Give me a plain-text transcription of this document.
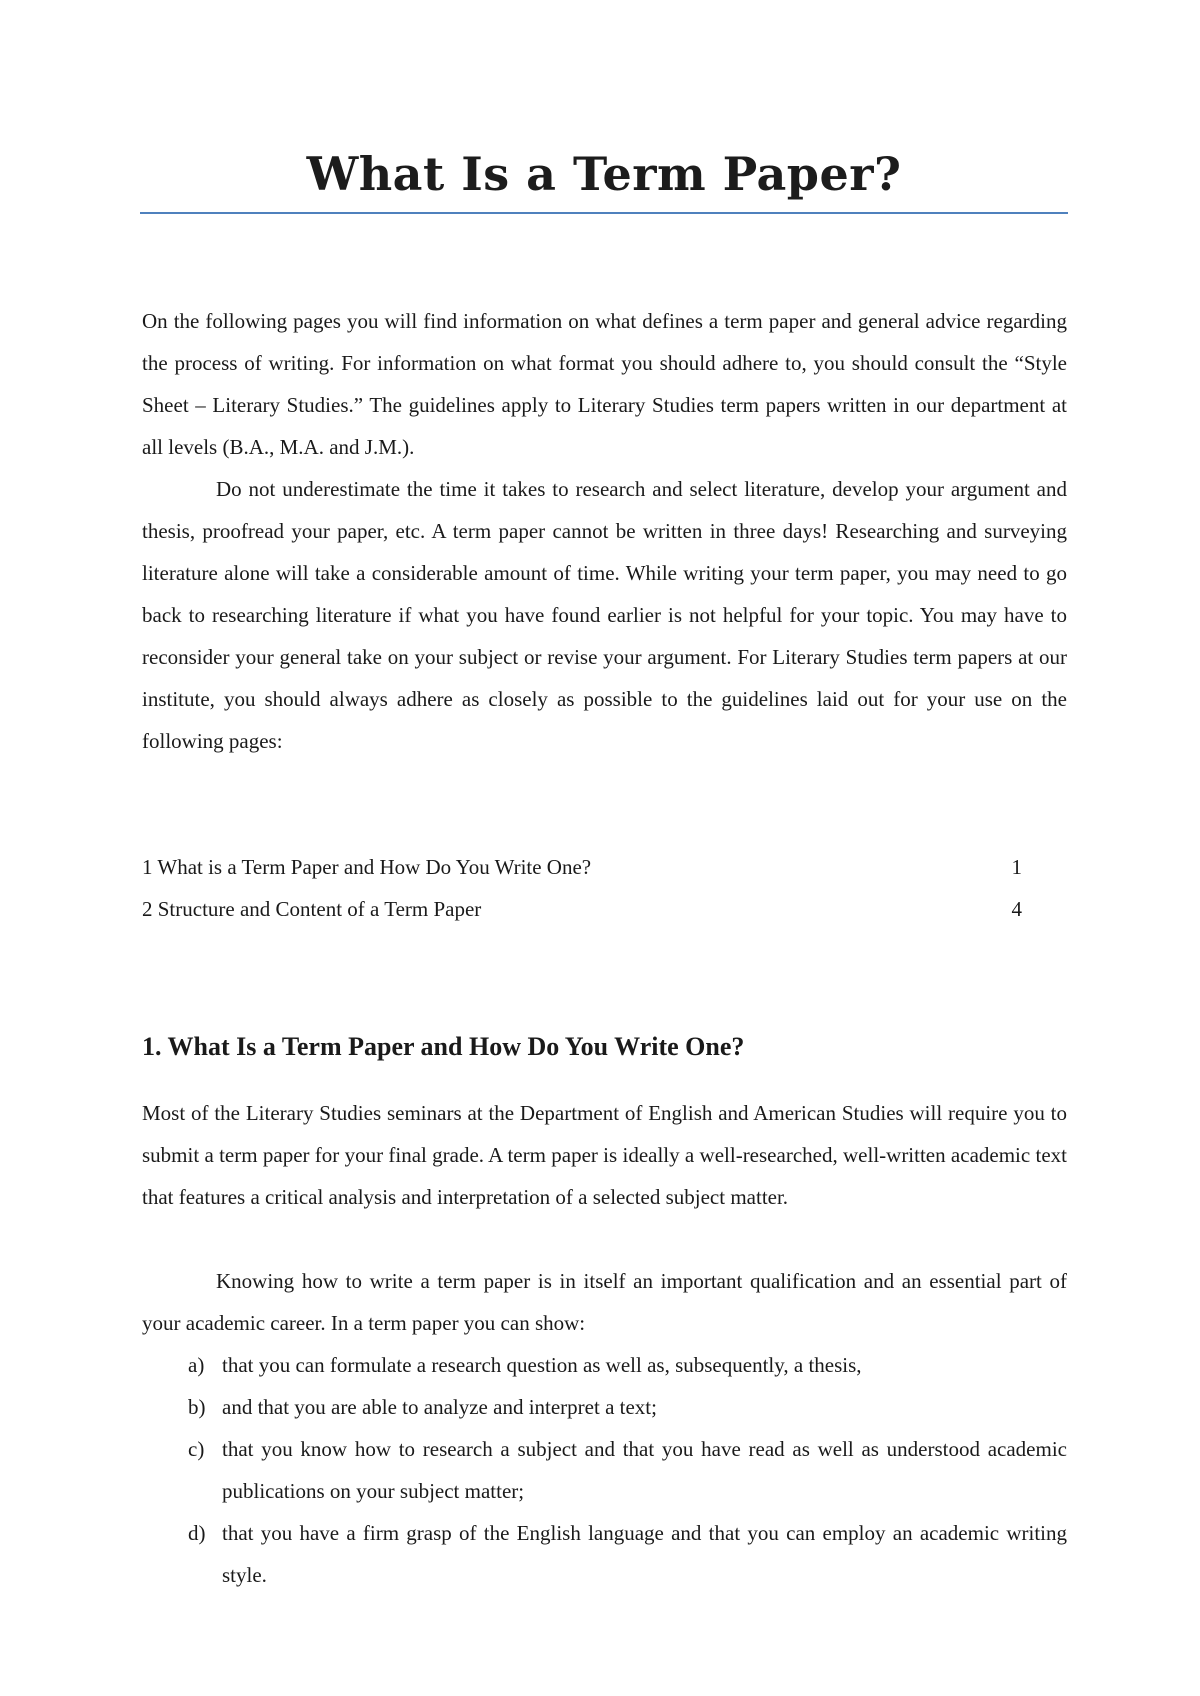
What Is a Term Paper?

On the following pages you will find information on what defines a term paper and general advice regarding the process of writing. For information on what format you should adhere to, you should consult the “Style Sheet – Literary Studies.” The guidelines apply to Literary Studies term papers written in our department at all levels (B.A., M.A. and J.M.).

Do not underestimate the time it takes to research and select literature, develop your argument and thesis, proofread your paper, etc. A term paper cannot be written in three days! Researching and surveying literature alone will take a considerable amount of time. While writing your term paper, you may need to go back to researching literature if what you have found earlier is not helpful for your topic. You may have to reconsider your general take on your subject or revise your argument. For Literary Studies term papers at our institute, you should always adhere as closely as possible to the guidelines laid out for your use on the following pages:

1 What is a Term Paper and How Do You Write One?	1
2 Structure and Content of a Term Paper	4
1. What Is a Term Paper and How Do You Write One?

Most of the Literary Studies seminars at the Department of English and American Studies will require you to submit a term paper for your final grade. A term paper is ideally a well-researched, well-written academic text that features a critical analysis and interpretation of a selected subject matter.

Knowing how to write a term paper is in itself an important qualification and an essential part of your academic career. In a term paper you can show:

a) that you can formulate a research question as well as, subsequently, a thesis,
b) and that you are able to analyze and interpret a text;
c) that you know how to research a subject and that you have read as well as understood academic publications on your subject matter;
d) that you have a firm grasp of the English language and that you can employ an academic writing style.
